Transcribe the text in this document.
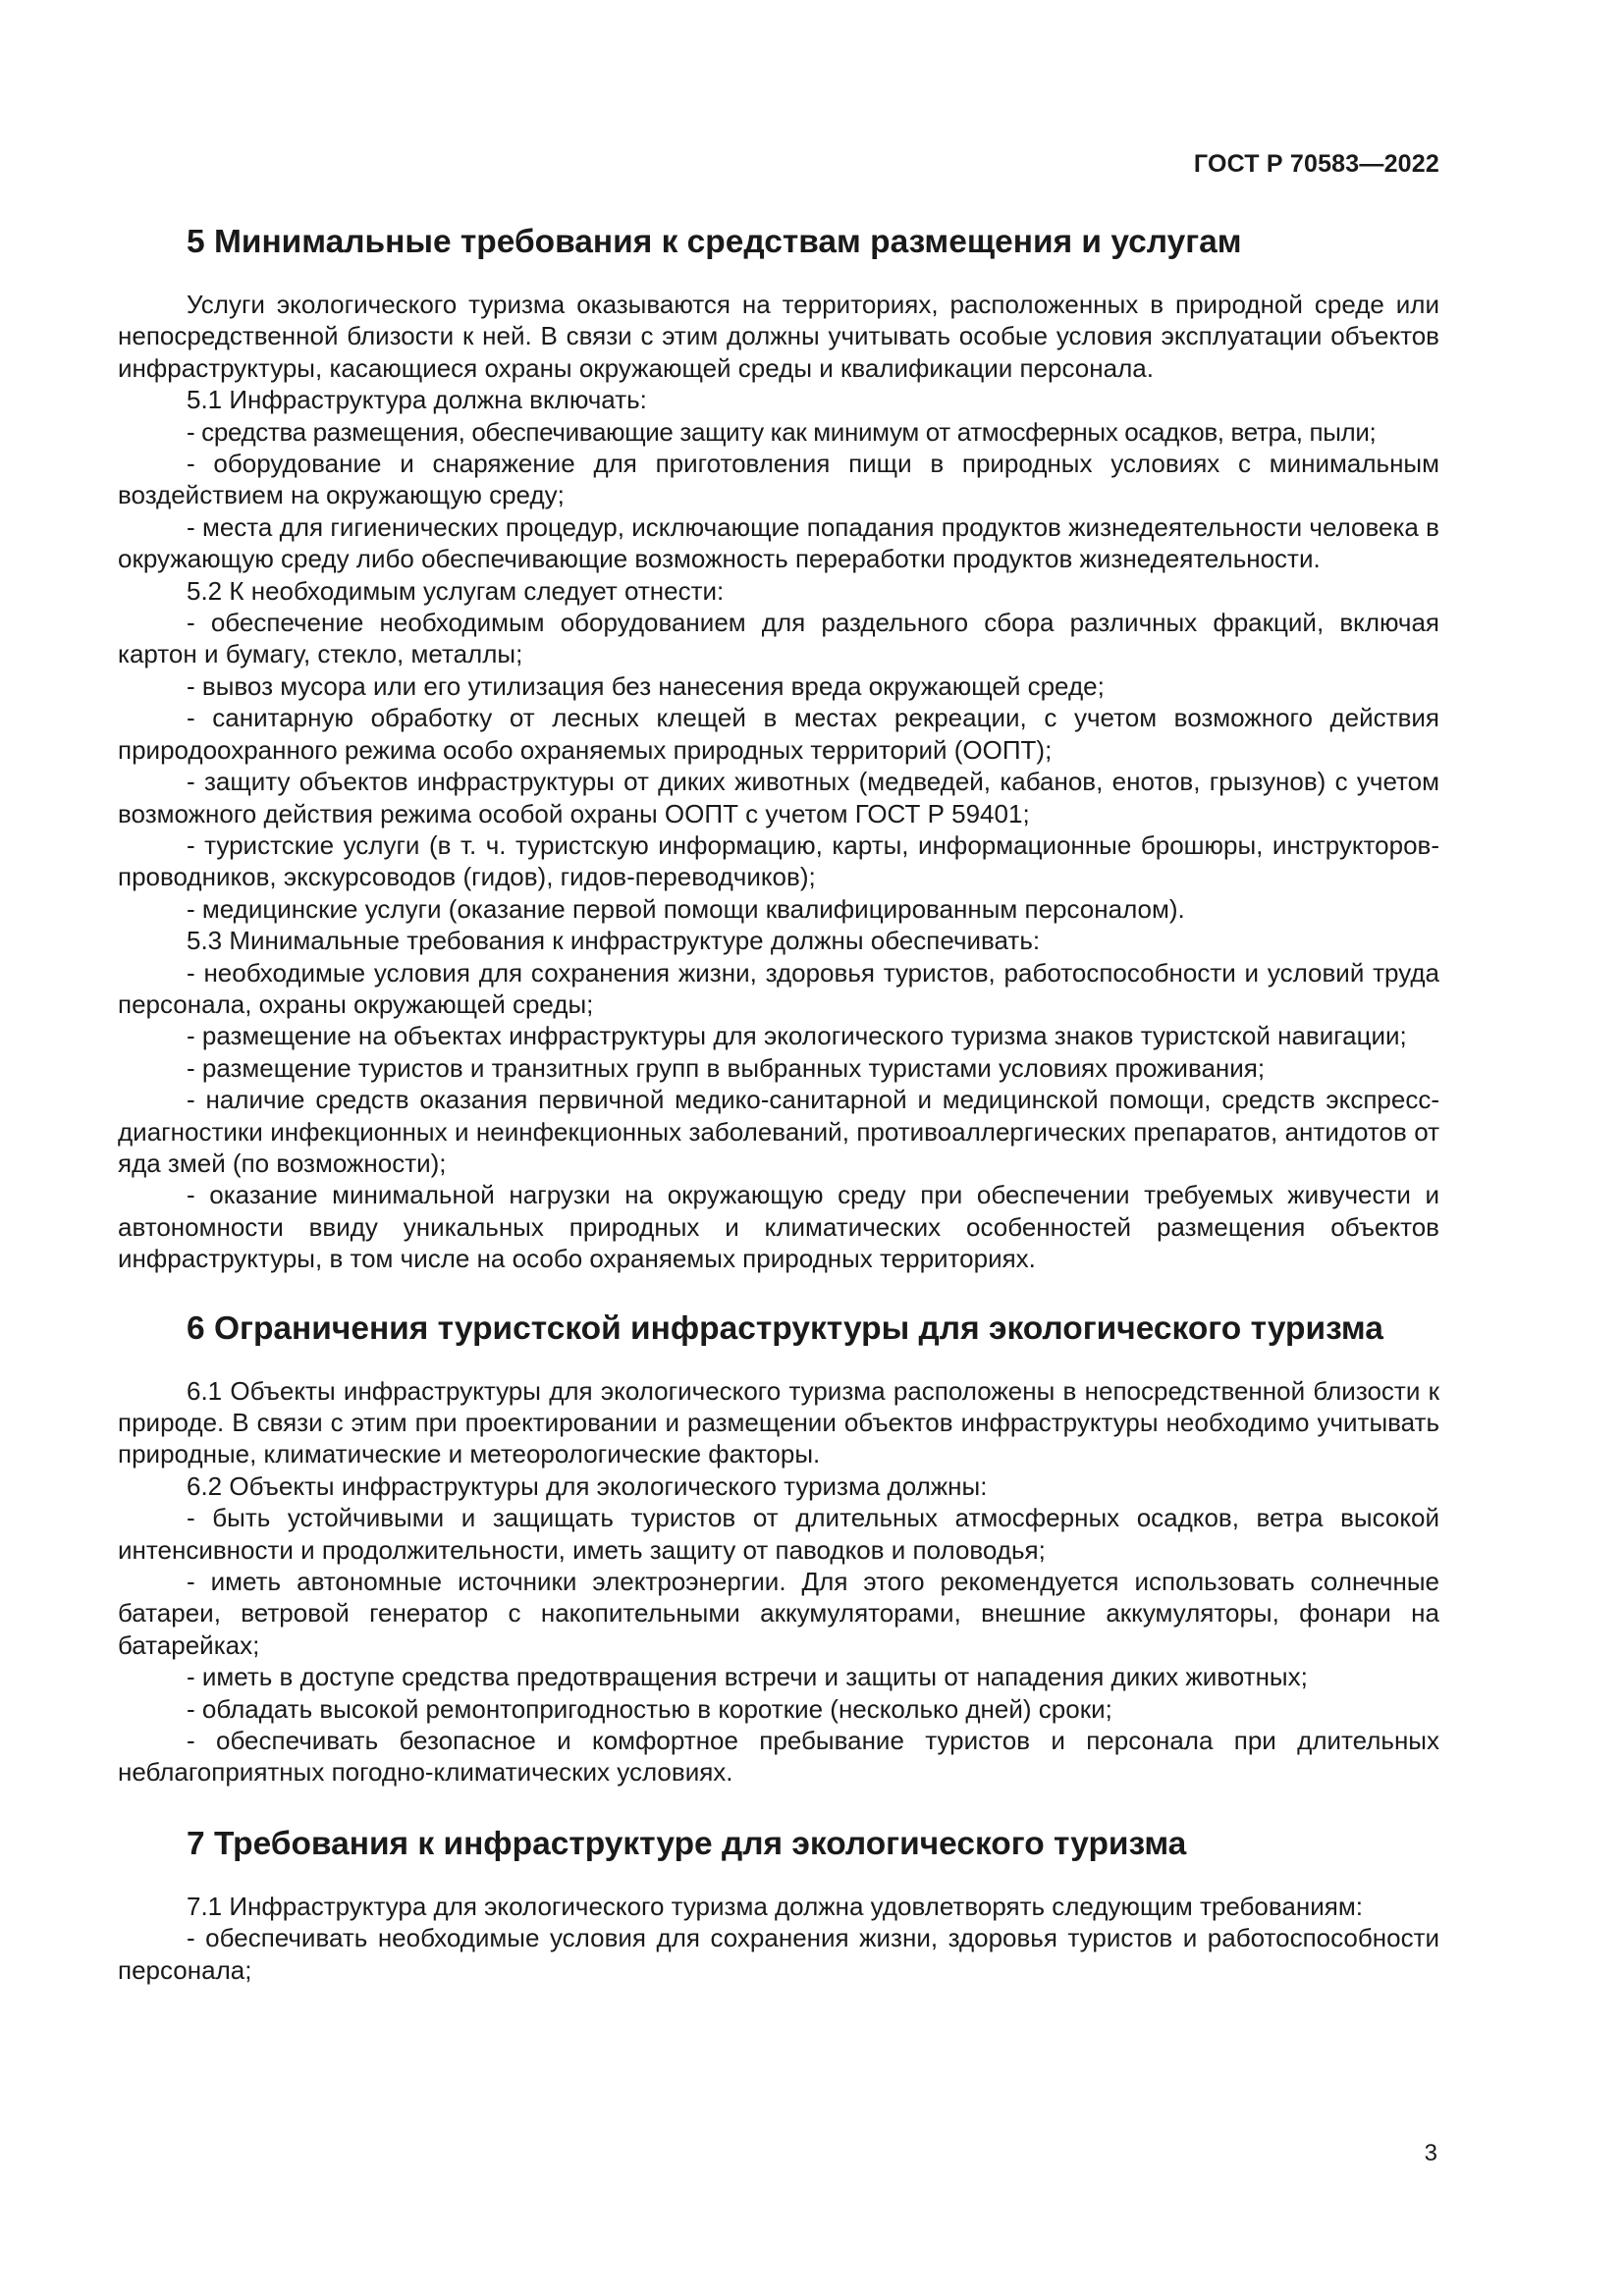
ГОСТ Р 70583—2022
5 Минимальные требования к средствам размещения и услугам

Услуги экологического туризма оказываются на территориях, расположенных в природной среде или непосредственной близости к ней. В связи с этим должны учитывать особые условия эксплуатации объектов инфраструктуры, касающиеся охраны окружающей среды и квалификации персонала.

5.1 Инфраструктура должна включать:

- средства размещения, обеспечивающие защиту как минимум от атмосферных осадков, ветра, пыли;

- оборудование и снаряжение для приготовления пищи в природных условиях с минимальным воздействием на окружающую среду;

- места для гигиенических процедур, исключающие попадания продуктов жизнедеятельности человека в окружающую среду либо обеспечивающие возможность переработки продуктов жизнедеятельности.

5.2 К необходимым услугам следует отнести:

- обеспечение необходимым оборудованием для раздельного сбора различных фракций, включая картон и бумагу, стекло, металлы;

- вывоз мусора или его утилизация без нанесения вреда окружающей среде;

- санитарную обработку от лесных клещей в местах рекреации, с учетом возможного действия природоохранного режима особо охраняемых природных территорий (ООПТ);

- защиту объектов инфраструктуры от диких животных (медведей, кабанов, енотов, грызунов) с учетом возможного действия режима особой охраны ООПТ с учетом ГОСТ Р 59401;

- туристские услуги (в т. ч. туристскую информацию, карты, информационные брошюры, инструкторов-проводников, экскурсоводов (гидов), гидов-переводчиков);

- медицинские услуги (оказание первой помощи квалифицированным персоналом).

5.3 Минимальные требования к инфраструктуре должны обеспечивать:

- необходимые условия для сохранения жизни, здоровья туристов, работоспособности и условий труда персонала, охраны окружающей среды;

- размещение на объектах инфраструктуры для экологического туризма знаков туристской навигации;

- размещение туристов и транзитных групп в выбранных туристами условиях проживания;

- наличие средств оказания первичной медико-санитарной и медицинской помощи, средств экспресс-диагностики инфекционных и неинфекционных заболеваний, противоаллергических препаратов, антидотов от яда змей (по возможности);

- оказание минимальной нагрузки на окружающую среду при обеспечении требуемых живучести и автономности ввиду уникальных природных и климатических особенностей размещения объектов инфраструктуры, в том числе на особо охраняемых природных территориях.

6 Ограничения туристской инфраструктуры для экологического туризма

6.1 Объекты инфраструктуры для экологического туризма расположены в непосредственной близости к природе. В связи с этим при проектировании и размещении объектов инфраструктуры необходимо учитывать природные, климатические и метеорологические факторы.

6.2 Объекты инфраструктуры для экологического туризма должны:

- быть устойчивыми и защищать туристов от длительных атмосферных осадков, ветра высокой интенсивности и продолжительности, иметь защиту от паводков и половодья;

- иметь автономные источники электроэнергии. Для этого рекомендуется использовать солнечные батареи, ветровой генератор с накопительными аккумуляторами, внешние аккумуляторы, фонари на батарейках;

- иметь в доступе средства предотвращения встречи и защиты от нападения диких животных;

- обладать высокой ремонтопригодностью в короткие (несколько дней) сроки;

- обеспечивать безопасное и комфортное пребывание туристов и персонала при длительных неблагоприятных погодно-климатических условиях.

7 Требования к инфраструктуре для экологического туризма

7.1 Инфраструктура для экологического туризма должна удовлетворять следующим требованиям:

- обеспечивать необходимые условия для сохранения жизни, здоровья туристов и работоспособности персонала;

3
